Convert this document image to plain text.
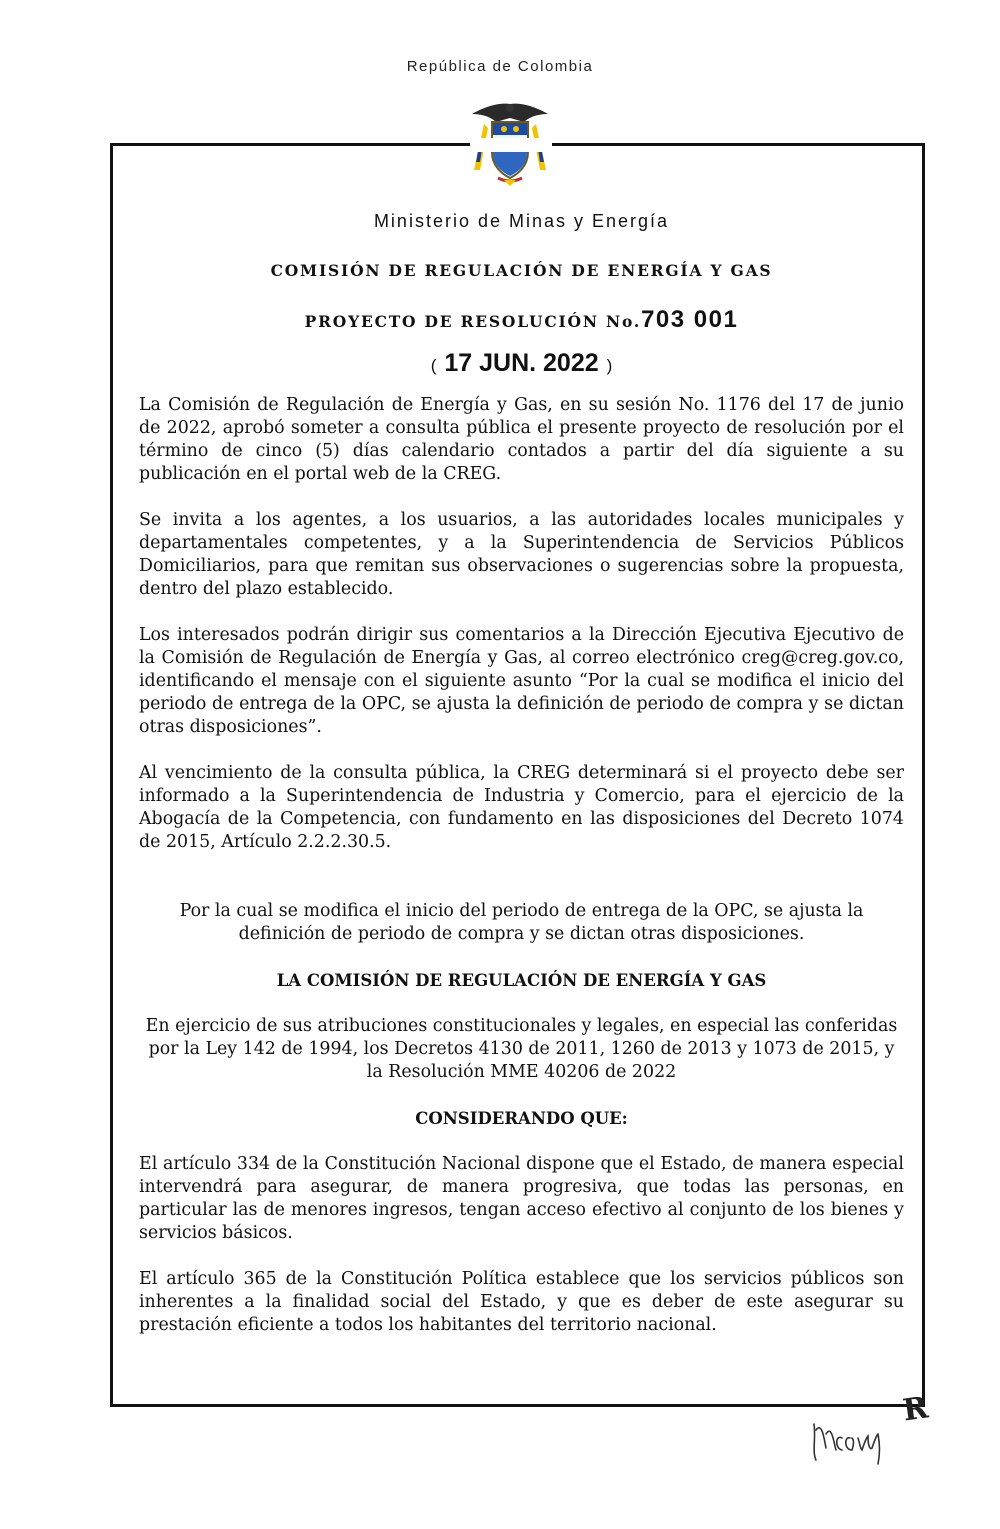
República de Colombia
Ministerio de Minas y Energía
COMISIÓN DE REGULACIÓN DE ENERGÍA Y GAS
PROYECTO DE RESOLUCIÓN No.703 001
( 17 JUN. 2022 )

La Comisión de Regulación de Energía y Gas, en su sesión No. 1176 del 17 de junio de 2022, aprobó someter a consulta pública el presente proyecto de resolución por el término de cinco (5) días calendario contados a partir del día siguiente a su publicación en el portal web de la CREG.

Se invita a los agentes, a los usuarios, a las autoridades locales municipales y departamentales competentes, y a la Superintendencia de Servicios Públicos Domiciliarios, para que remitan sus observaciones o sugerencias sobre la propuesta, dentro del plazo establecido.

Los interesados podrán dirigir sus comentarios a la Dirección Ejecutiva Ejecutivo de la Comisión de Regulación de Energía y Gas, al correo electrónico creg@creg.gov.co, identificando el mensaje con el siguiente asunto “Por la cual se modifica el inicio del periodo de entrega de la OPC, se ajusta la definición de periodo de compra y se dictan otras disposiciones”.

Al vencimiento de la consulta pública, la CREG determinará si el proyecto debe ser informado a la Superintendencia de Industria y Comercio, para el ejercicio de la Abogacía de la Competencia, con fundamento en las disposiciones del Decreto 1074 de 2015, Artículo 2.2.2.30.5.

Por la cual se modifica el inicio del periodo de entrega de la OPC, se ajusta la definición de periodo de compra y se dictan otras disposiciones.

LA COMISIÓN DE REGULACIÓN DE ENERGÍA Y GAS

En ejercicio de sus atribuciones constitucionales y legales, en especial las conferidas por la Ley 142 de 1994, los Decretos 4130 de 2011, 1260 de 2013 y 1073 de 2015, y la Resolución MME 40206 de 2022

CONSIDERANDO QUE:

El artículo 334 de la Constitución Nacional dispone que el Estado, de manera especial intervendrá para asegurar, de manera progresiva, que todas las personas, en particular las de menores ingresos, tengan acceso efectivo al conjunto de los bienes y servicios básicos.

El artículo 365 de la Constitución Política establece que los servicios públicos son inherentes a la finalidad social del Estado, y que es deber de este asegurar su prestación eficiente a todos los habitantes del territorio nacional.

R
